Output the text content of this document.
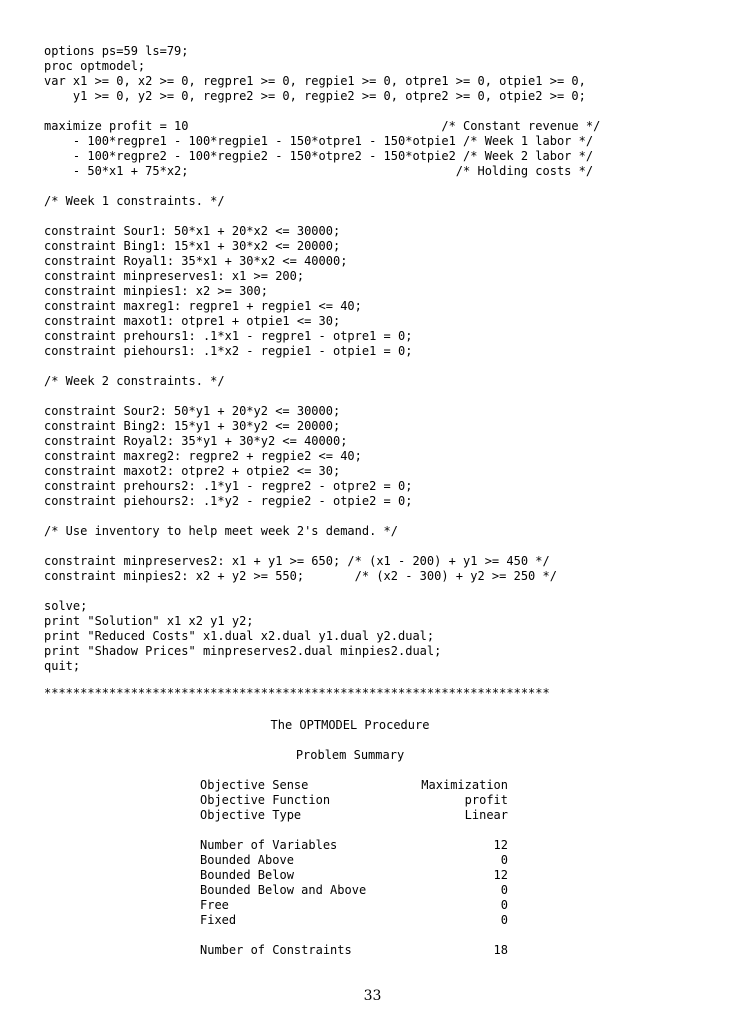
options ps=59 ls=79;
proc optmodel;
var x1 >= 0, x2 >= 0, regpre1 >= 0, regpie1 >= 0, otpre1 >= 0, otpie1 >= 0,
y1 >= 0, y2 >= 0, regpre2 >= 0, regpie2 >= 0, otpre2 >= 0, otpie2 >= 0;
maximize profit = 10                                   /* Constant revenue */
- 100*regpre1 - 100*regpie1 - 150*otpre1 - 150*otpie1 /* Week 1 labor */
- 100*regpre2 - 100*regpie2 - 150*otpre2 - 150*otpie2 /* Week 2 labor */
- 50*x1 + 75*x2;                                     /* Holding costs */
/* Week 1 constraints. */
constraint Sour1: 50*x1 + 20*x2 <= 30000;
constraint Bing1: 15*x1 + 30*x2 <= 20000;
constraint Royal1: 35*x1 + 30*x2 <= 40000;
constraint minpreserves1: x1 >= 200;
constraint minpies1: x2 >= 300;
constraint maxreg1: regpre1 + regpie1 <= 40;
constraint maxot1: otpre1 + otpie1 <= 30;
constraint prehours1: .1*x1 - regpre1 - otpre1 = 0;
constraint piehours1: .1*x2 - regpie1 - otpie1 = 0;
/* Week 2 constraints. */
constraint Sour2: 50*y1 + 20*y2 <= 30000;
constraint Bing2: 15*y1 + 30*y2 <= 20000;
constraint Royal2: 35*y1 + 30*y2 <= 40000;
constraint maxreg2: regpre2 + regpie2 <= 40;
constraint maxot2: otpre2 + otpie2 <= 30;
constraint prehours2: .1*y1 - regpre2 - otpre2 = 0;
constraint piehours2: .1*y2 - regpie2 - otpie2 = 0;
/* Use inventory to help meet week 2's demand. */
constraint minpreserves2: x1 + y1 >= 650; /* (x1 - 200) + y1 >= 450 */
constraint minpies2: x2 + y2 >= 550;       /* (x2 - 300) + y2 >= 250 */
solve;
print "Solution" x1 x2 y1 y2;
print "Reduced Costs" x1.dual x2.dual y1.dual y2.dual;
print "Shadow Prices" minpreserves2.dual minpies2.dual;
quit;
**********************************************************************
The OPTMODEL Procedure
Problem Summary
Objective Sense	Maximization
Objective Function	profit
Objective Type	Linear
Number of Variables	12
Bounded Above	0
Bounded Below	12
Bounded Below and Above	0
Free	0
Fixed	0
Number of Constraints	18
33
